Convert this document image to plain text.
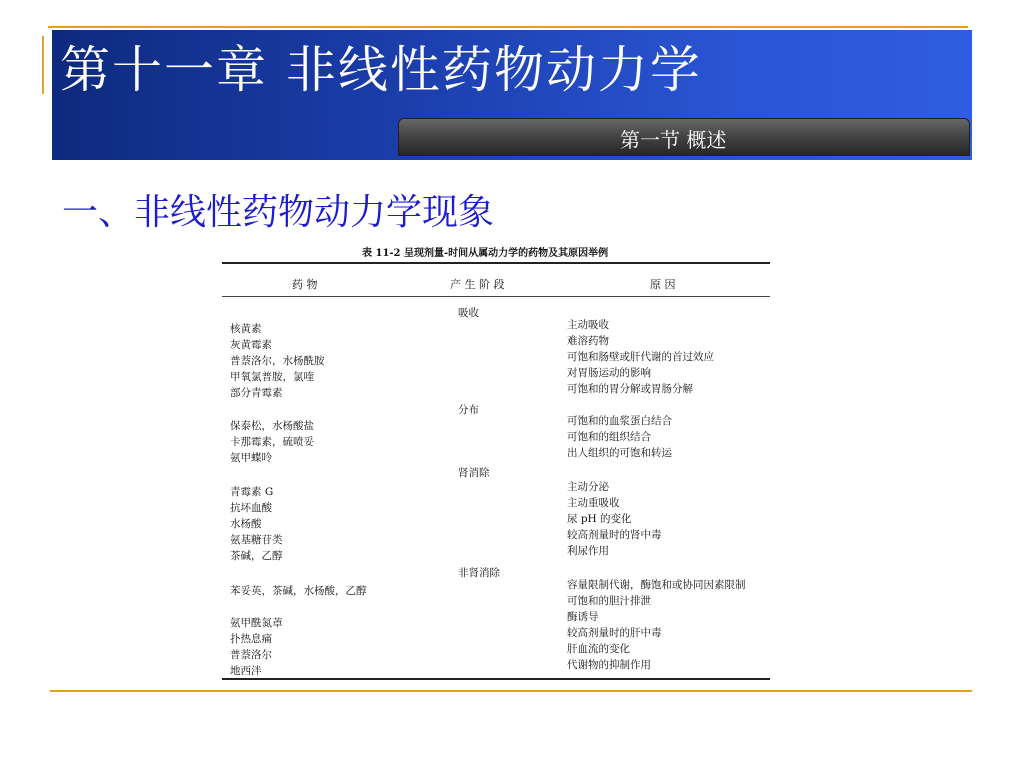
第十一章 非线性药物动力学
第一节 概述
一、非线性药物动力学现象
表 11-2 呈现剂量-时间从属动力学的药物及其原因举例
药 物	产 生 阶 段	原 因
吸收
分布
肾消除
非肾消除
核黄素
灰黄霉素
普萘洛尔，水杨酰胺
甲氧氯普胺，氯喹
部分青霉素
保泰松，水杨酸盐
卡那霉素，硫喷妥
氨甲蝶呤
青霉素 G
抗坏血酸
水杨酸
氨基糖苷类
茶碱，乙醇
苯妥英，茶碱，水杨酸，乙醇
氨甲酰氮䓬
扑热息痛
普萘洛尔
地西泮
主动吸收
难溶药物
可饱和肠壁或肝代谢的首过效应
对胃肠运动的影响
可饱和的胃分解或胃肠分解
可饱和的血浆蛋白结合
可饱和的组织结合
出人组织的可饱和转运
主动分泌
主动重吸收
尿 pH 的变化
较高剂量时的肾中毒
利尿作用
容量限制代谢，酶饱和或协同因素限制
可饱和的胆汁排泄
酶诱导
较高剂量时的肝中毒
肝血流的变化
代谢物的抑制作用
